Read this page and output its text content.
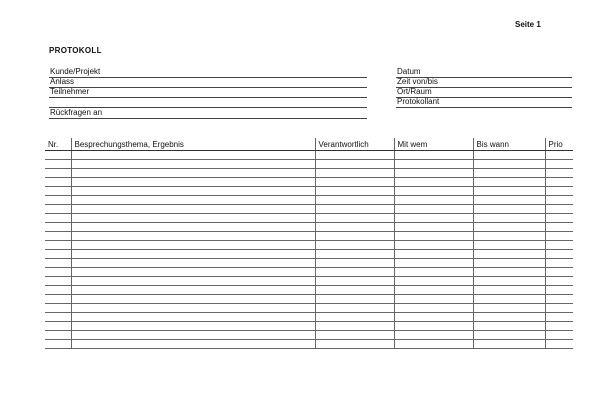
Seite 1
PROTOKOLL
Kunde/Projekt
Anlass
Teilnehmer
Rückfragen an
Datum
Zeit von/bis
Ort/Raum
Protokollant
Nr.	Besprechungsthema, Ergebnis	Verantwortlich	Mit wem	Bis wann	Prio
